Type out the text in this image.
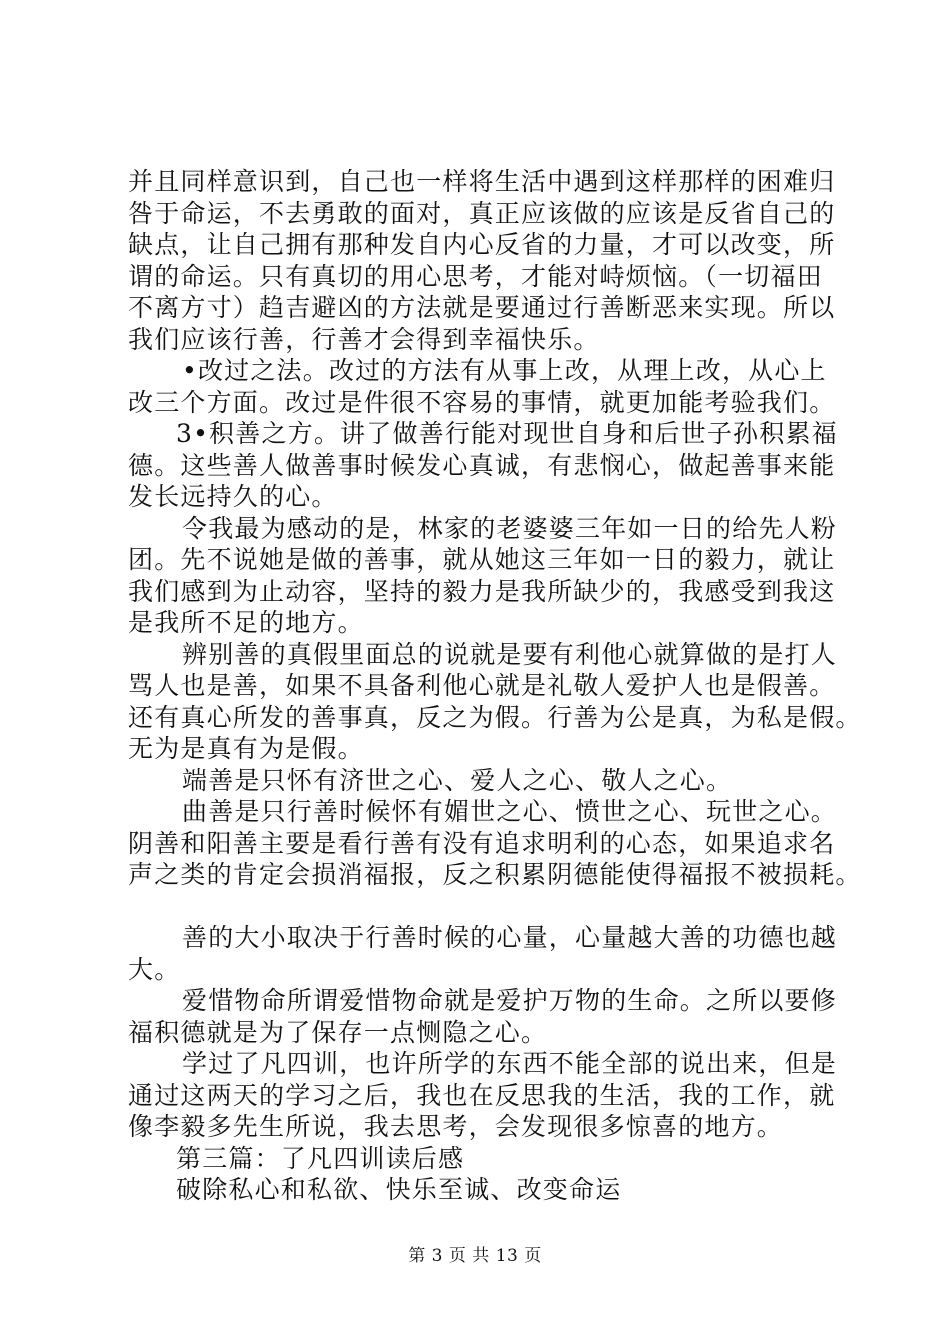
并且同样意识到，自己也一样将生活中遇到这样那样的困难归
咎于命运，不去勇敢的面对，真正应该做的应该是反省自己的
缺点，让自己拥有那种发自内心反省的力量，才可以改变，所
谓的命运。只有真切的用心思考，才能对峙烦恼。（一切福田
不离方寸）趋吉避凶的方法就是要通过行善断恶来实现。所以
我们应该行善，行善才会得到幸福快乐。
•改过之法。改过的方法有从事上改，从理上改，从心上
改三个方面。改过是件很不容易的事情，就更加能考验我们。
3•积善之方。讲了做善行能对现世自身和后世子孙积累福
德。这些善人做善事时候发心真诚，有悲悯心，做起善事来能
发长远持久的心。
令我最为感动的是，林家的老婆婆三年如一日的给先人粉
团。先不说她是做的善事，就从她这三年如一日的毅力，就让
我们感到为止动容，坚持的毅力是我所缺少的，我感受到我这
是我所不足的地方。
辨别善的真假里面总的说就是要有利他心就算做的是打人
骂人也是善，如果不具备利他心就是礼敬人爱护人也是假善。
还有真心所发的善事真，反之为假。行善为公是真，为私是假。
无为是真有为是假。
端善是只怀有济世之心、爱人之心、敬人之心。
曲善是只行善时候怀有媚世之心、愤世之心、玩世之心。
阴善和阳善主要是看行善有没有追求明利的心态，如果追求名
声之类的肯定会损消福报，反之积累阴德能使得福报不被损耗。
善的大小取决于行善时候的心量，心量越大善的功德也越
大。
爱惜物命所谓爱惜物命就是爱护万物的生命。之所以要修
福积德就是为了保存一点恻隐之心。
学过了凡四训，也许所学的东西不能全部的说出来，但是
通过这两天的学习之后，我也在反思我的生活，我的工作，就
像李毅多先生所说，我去思考，会发现很多惊喜的地方。
第三篇：了凡四训读后感
破除私心和私欲、快乐至诚、改变命运
第 3 页 共 13 页
